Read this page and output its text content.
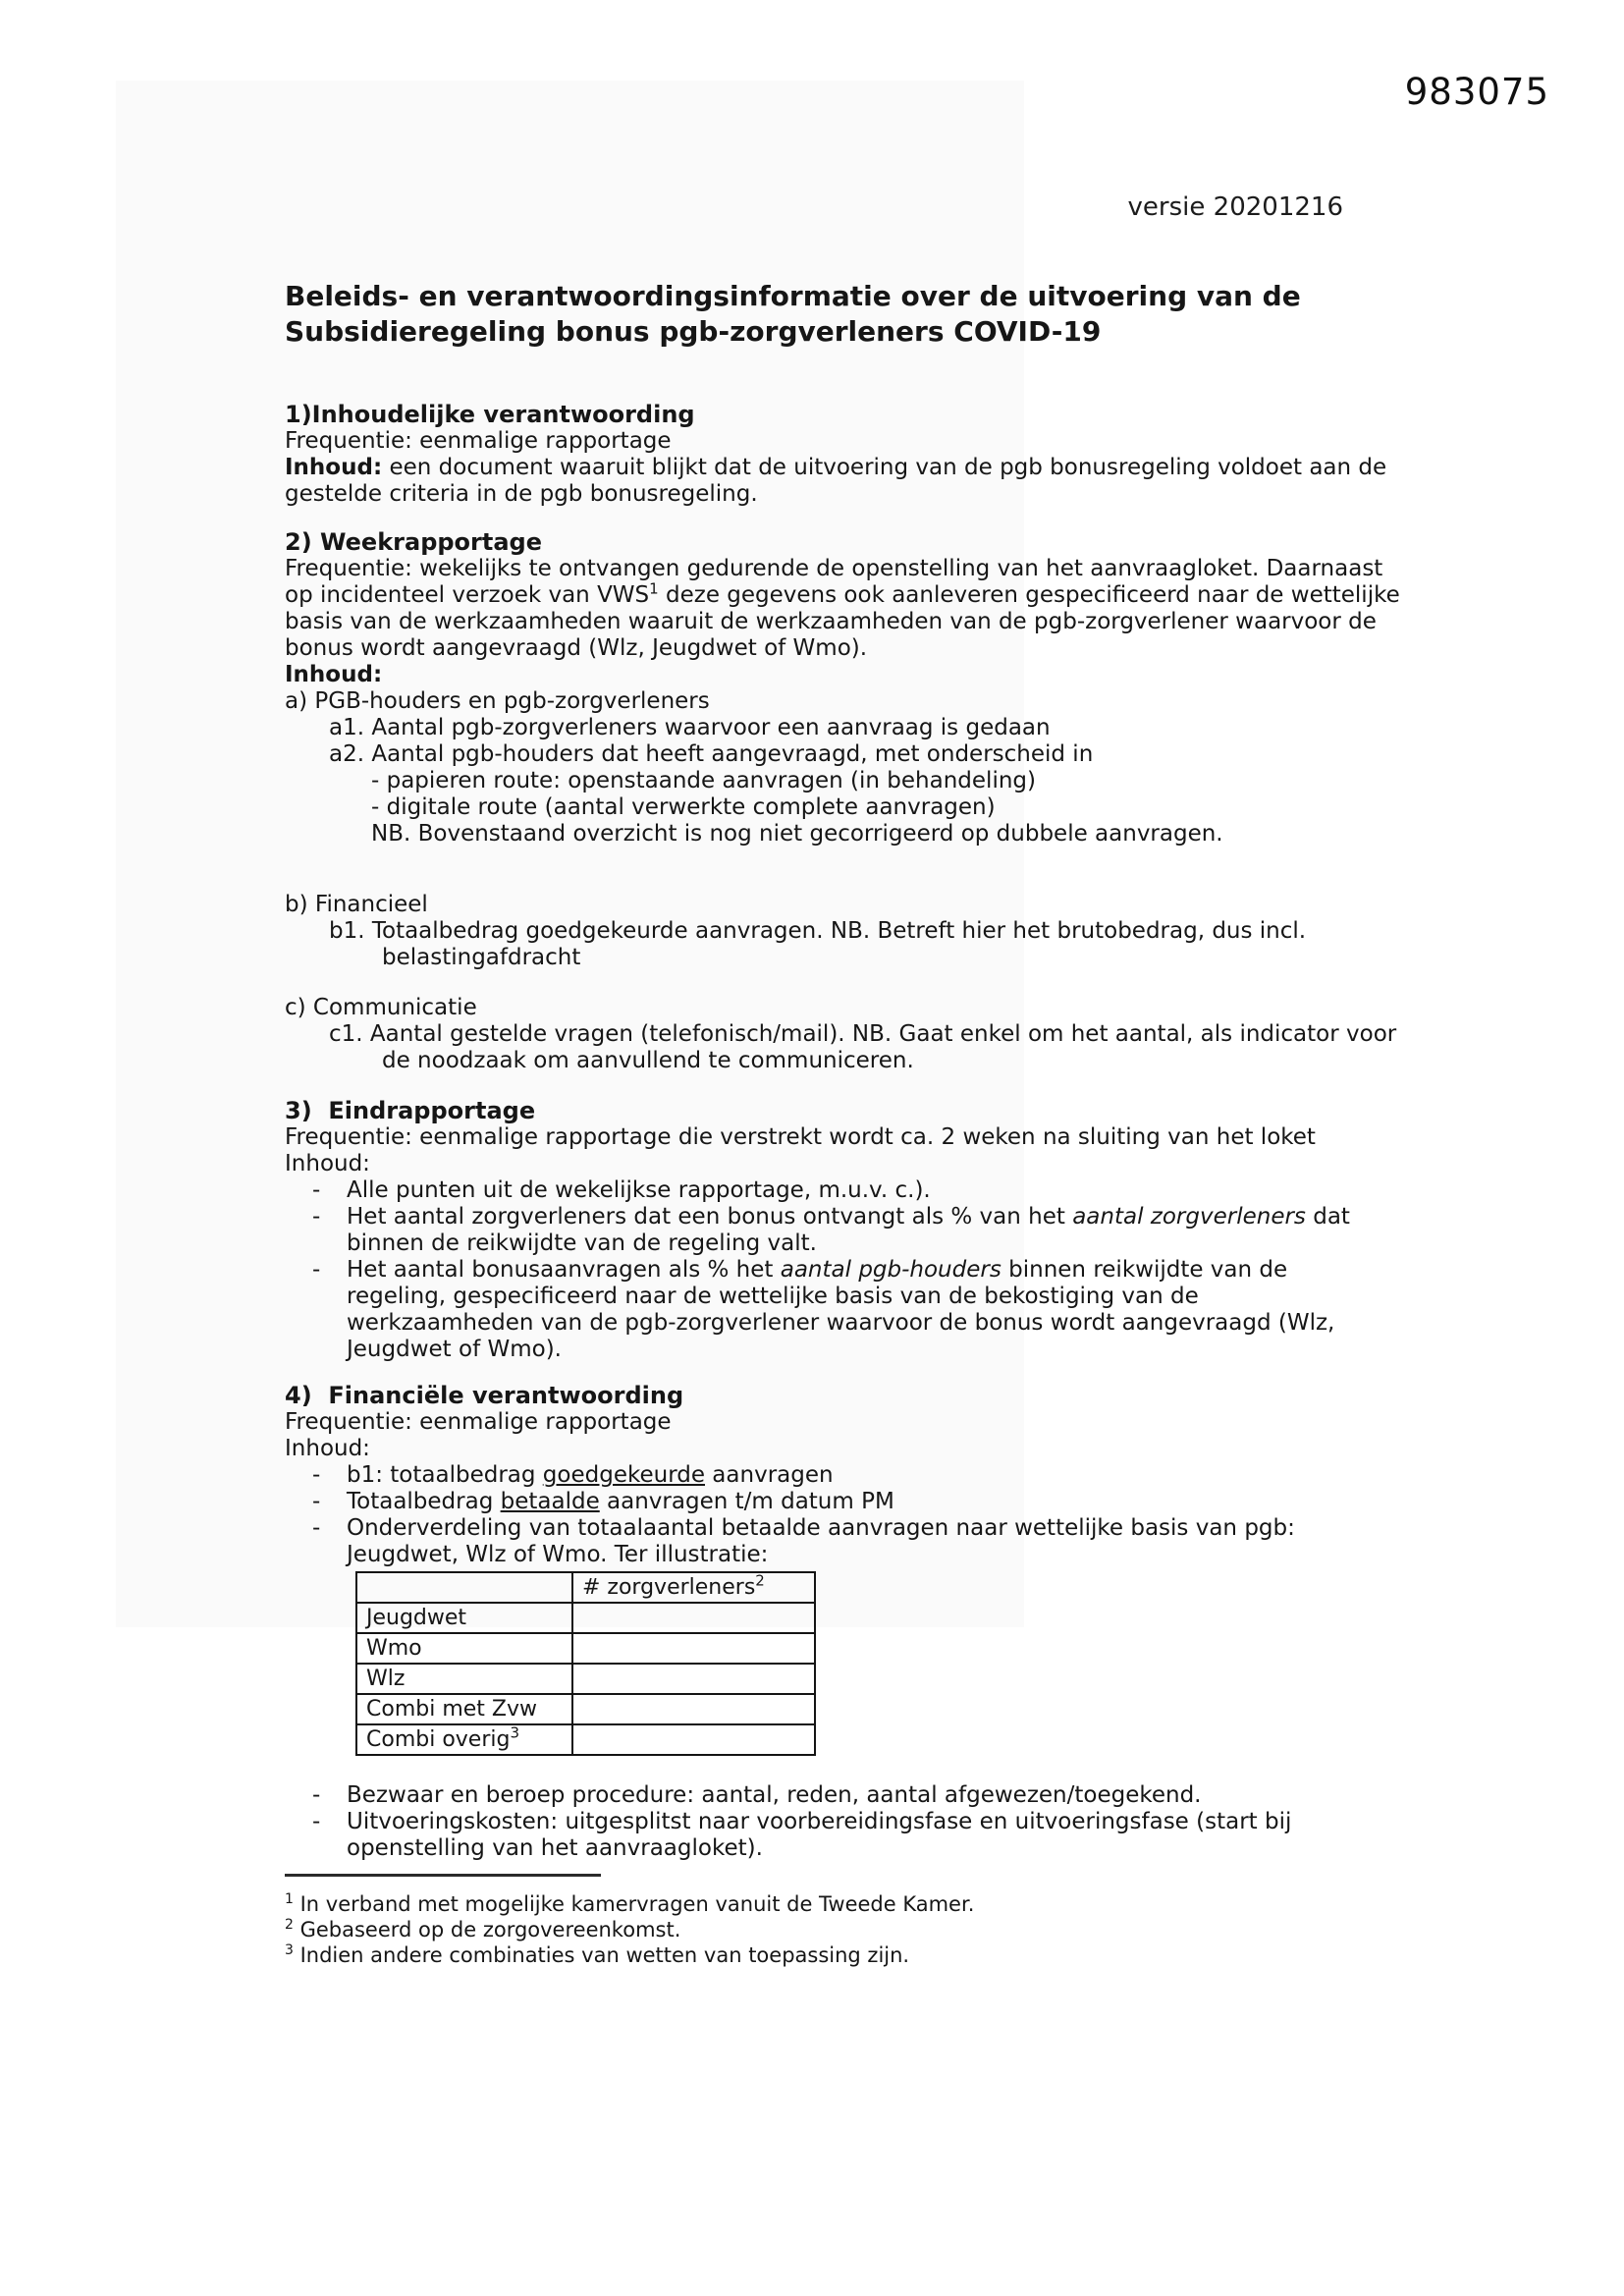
983075
versie 20201216
Beleids- en verantwoordingsinformatie over de uitvoering van de
Subsidieregeling bonus pgb-zorgverleners COVID-19
1)Inhoudelijke verantwoording
Frequentie: eenmalige rapportage
Inhoud: een document waaruit blijkt dat de uitvoering van de pgb bonusregeling voldoet aan de
gestelde criteria in de pgb bonusregeling.
2) Weekrapportage
Frequentie: wekelijks te ontvangen gedurende de openstelling van het aanvraagloket. Daarnaast
op incidenteel verzoek van VWS$^1$ deze gegevens ook aanleveren gespecificeerd naar de wettelijke
basis van de werkzaamheden waaruit de werkzaamheden van de pgb-zorgverlener waarvoor de
bonus wordt aangevraagd (Wlz, Jeugdwet of Wmo).
Inhoud:
a) PGB-houders en pgb-zorgverleners
a1. Aantal pgb-zorgverleners waarvoor een aanvraag is gedaan
a2. Aantal pgb-houders dat heeft aangevraagd, met onderscheid in
- papieren route: openstaande aanvragen (in behandeling)
- digitale route (aantal verwerkte complete aanvragen)
NB. Bovenstaand overzicht is nog niet gecorrigeerd op dubbele aanvragen.
b) Financieel
b1. Totaalbedrag goedgekeurde aanvragen. NB. Betreft hier het brutobedrag, dus incl.
belastingafdracht
c) Communicatie
c1. Aantal gestelde vragen (telefonisch/mail). NB. Gaat enkel om het aantal, als indicator voor
de noodzaak om aanvullend te communiceren.
3)  Eindrapportage
Frequentie: eenmalige rapportage die verstrekt wordt ca. 2 weken na sluiting van het loket
Inhoud:
- Alle punten uit de wekelijkse rapportage, m.u.v. c.).
- Het aantal zorgverleners dat een bonus ontvangt als % van het aantal zorgverleners dat
binnen de reikwijdte van de regeling valt.
- Het aantal bonusaanvragen als % het aantal pgb-houders binnen reikwijdte van de
regeling, gespecificeerd naar de wettelijke basis van de bekostiging van de
werkzaamheden van de pgb-zorgverlener waarvoor de bonus wordt aangevraagd (Wlz,
Jeugdwet of Wmo).
4)  Financiële verantwoording
Frequentie: eenmalige rapportage
Inhoud:
- b1: totaalbedrag goedgekeurde aanvragen
- Totaalbedrag betaalde aanvragen t/m datum PM
- Onderverdeling van totaalaantal betaalde aanvragen naar wettelijke basis van pgb:
Jeugdwet, Wlz of Wmo. Ter illustratie:
	# zorgverleners$^2$
Jeugdwet	
Wmo	
Wlz	
Combi met Zvw	
Combi overig$^3$	
- Bezwaar en beroep procedure: aantal, reden, aantal afgewezen/toegekend.
- Uitvoeringskosten: uitgesplitst naar voorbereidingsfase en uitvoeringsfase (start bij
openstelling van het aanvraagloket).
$^1$ In verband met mogelijke kamervragen vanuit de Tweede Kamer.
$^2$ Gebaseerd op de zorgovereenkomst.
$^3$ Indien andere combinaties van wetten van toepassing zijn.
